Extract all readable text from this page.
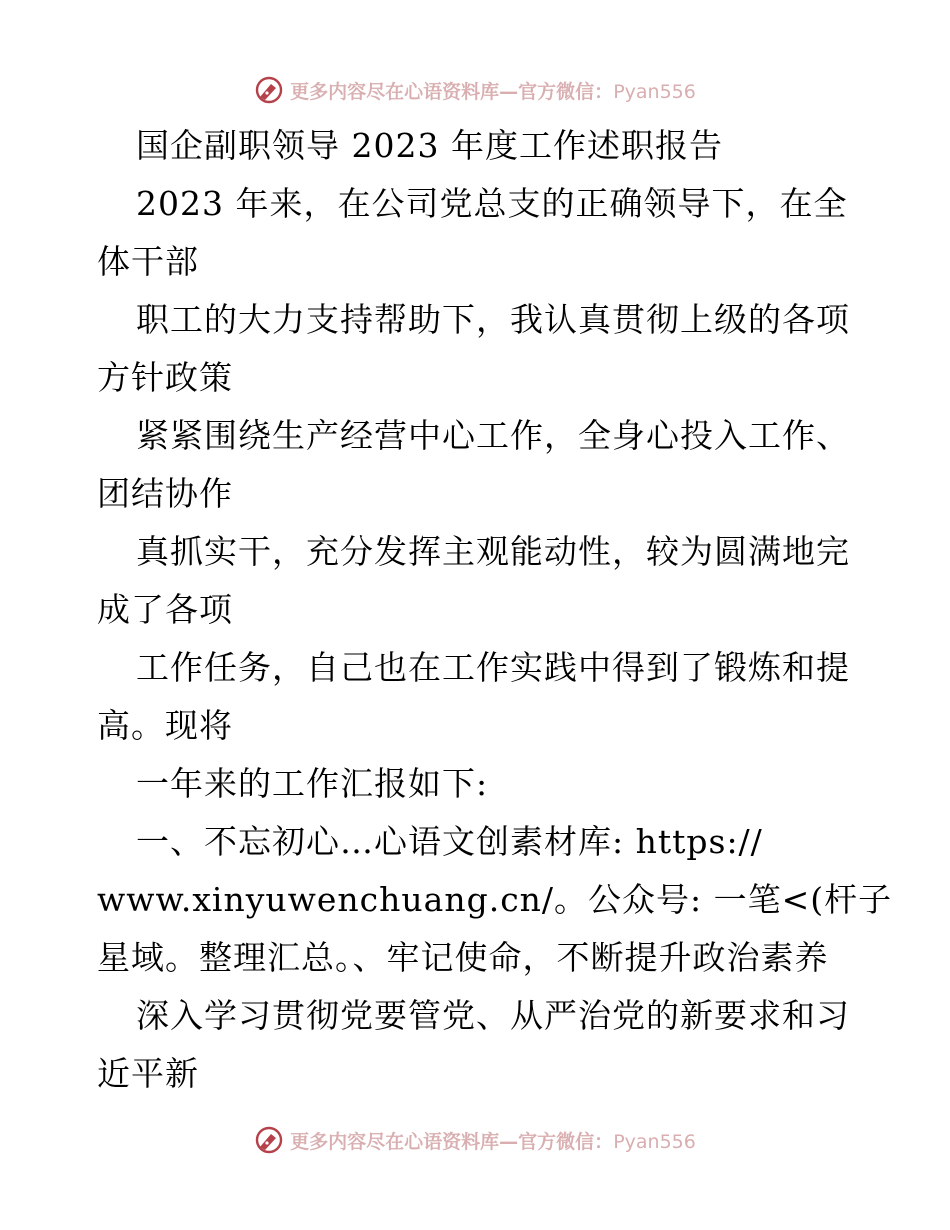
更多内容尽在心语资料库—官方微信：Pyan556
国企副职领导 2023 年度工作述职报告
2023 年来，在公司党总支的正确领导下，在全
体干部
职工的大力支持帮助下，我认真贯彻上级的各项
方针政策
紧紧围绕生产经营中心工作，全身心投入工作、
团结协作
真抓实干，充分发挥主观能动性，较为圆满地完
成了各项
工作任务，自己也在工作实践中得到了锻炼和提
高。现将
一年来的工作汇报如下:
一、不忘初心…心语文创素材库: https://
www.xinyuwenchuang.cn/。公众号: 一笔<(杆子
星域。整理汇总。、牢记使命，不断提升政治素养
深入学习贯彻党要管党、从严治党的新要求和习
近平新
更多内容尽在心语资料库—官方微信：Pyan556
